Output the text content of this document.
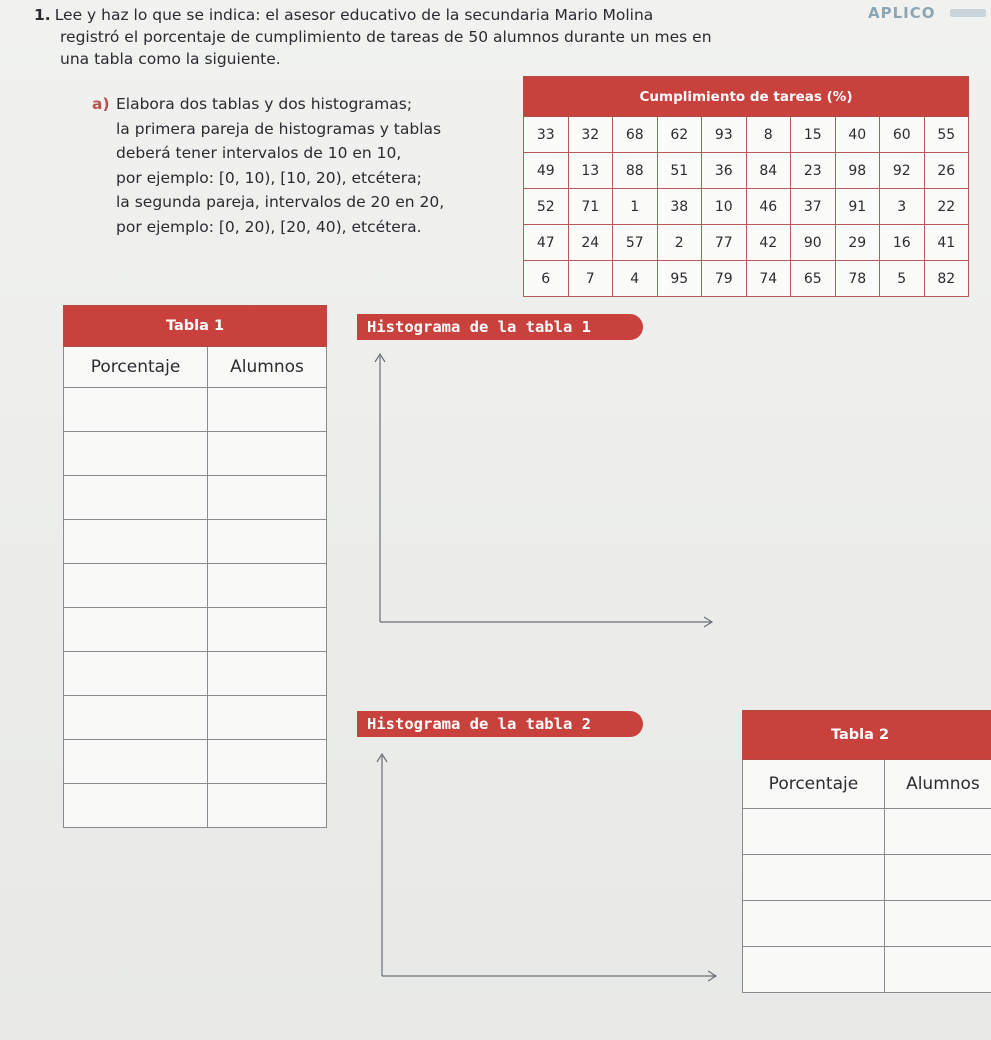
1. Lee y haz lo que se indica: el asesor educativo de la secundaria Mario Molina
registró el porcentaje de cumplimiento de tareas de 50 alumnos durante un mes en
una tabla como la siguiente.
APLICO
a) Elabora dos tablas y dos histogramas;
la primera pareja de histogramas y tablas
deberá tener intervalos de 10 en 10,
por ejemplo: [0, 10), [10, 20), etcétera;
la segunda pareja, intervalos de 20 en 20,
por ejemplo: [0, 20), [20, 40), etcétera.
Cumplimiento de tareas (%)									
33	32	68	62	93	8	15	40	60	55
49	13	88	51	36	84	23	98	92	26
52	71	1	38	10	46	37	91	3	22
47	24	57	2	77	42	90	29	16	41
6	7	4	95	79	74	65	78	5	82
Tabla 1	
Porcentaje	Alumnos

Histograma de la tabla 1
Histograma de la tabla 2
Tabla 2	
Porcentaje	Alumnos
